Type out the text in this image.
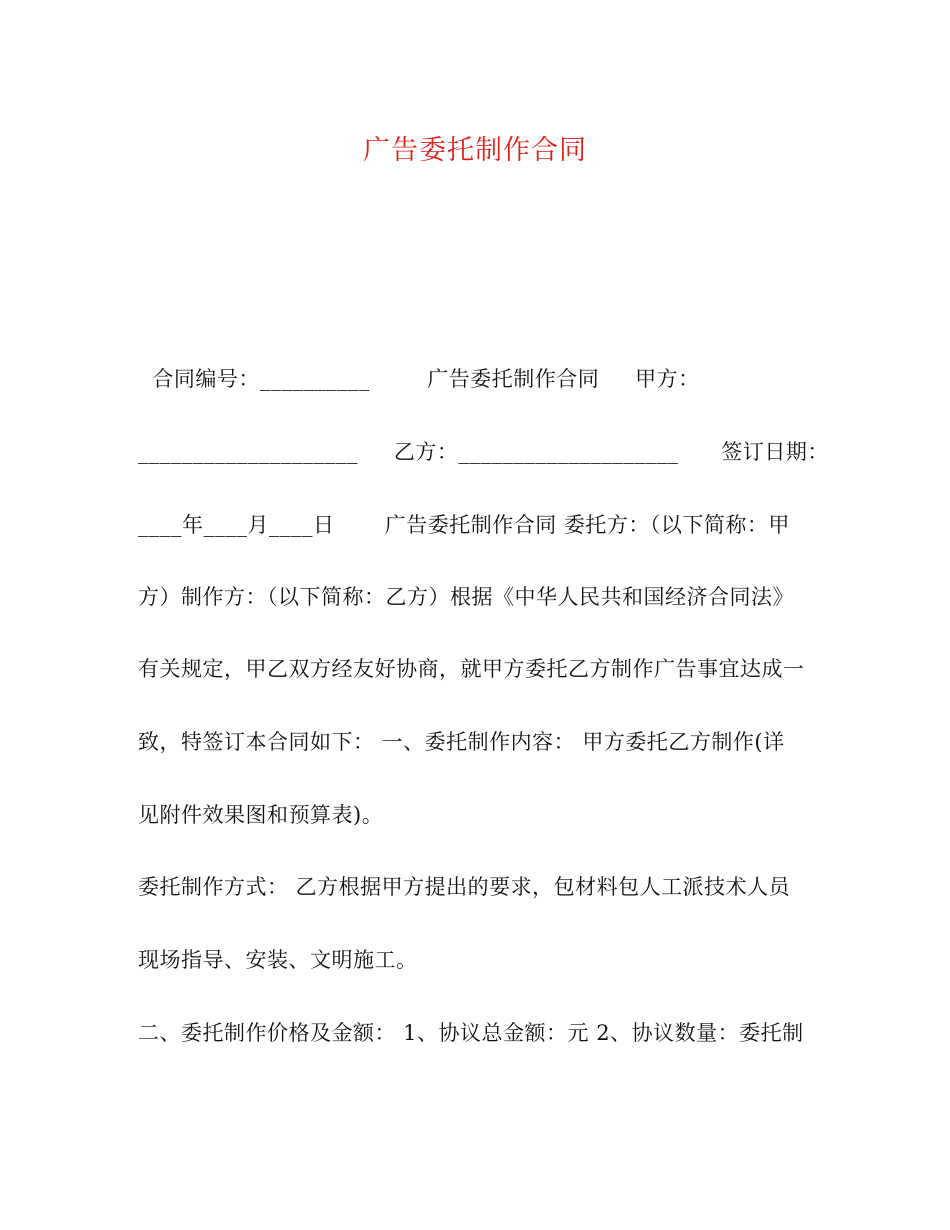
广告委托制作合同
合同编号：__________        广告委托制作合同     甲方：
____________________     乙方：____________________      签订日期：
____年____月____日       广告委托制作合同 委托方：（以下简称：甲
方）制作方：（以下简称：乙方）根据《中华人民共和国经济合同法》
有关规定，甲乙双方经友好协商，就甲方委托乙方制作广告事宜达成一
致，特签订本合同如下： 一、委托制作内容： 甲方委托乙方制作(详
见附件效果图和预算表)。
委托制作方式： 乙方根据甲方提出的要求，包材料包人工派技术人员
现场指导、安装、文明施工。
二、委托制作价格及金额： 1、协议总金额：元 2、协议数量：委托制
